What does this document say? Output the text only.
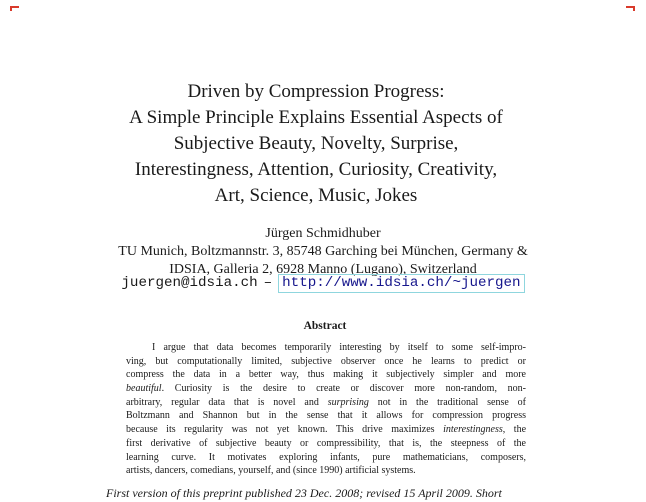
Driven by Compression Progress:
A Simple Principle Explains Essential Aspects of
Subjective Beauty, Novelty, Surprise,
Interestingness, Attention, Curiosity, Creativity,
Art, Science, Music, Jokes
Jürgen Schmidhuber
TU Munich, Boltzmannstr. 3, 85748 Garching bei München, Germany &
IDSIA, Galleria 2, 6928 Manno (Lugano), Switzerland
juergen@idsia.ch – http://www.idsia.ch/~juergen
Abstract
I argue that data becomes temporarily interesting by itself to some self-impro-
ving, but computationally limited, subjective observer once he learns to predict or
compress the data in a better way, thus making it subjectively simpler and more
beautiful. Curiosity is the desire to create or discover more non-random, non-
arbitrary, regular data that is novel and surprising not in the traditional sense of
Boltzmann and Shannon but in the sense that it allows for compression progress
because its regularity was not yet known. This drive maximizes interestingness, the
first derivative of subjective beauty or compressibility, that is, the steepness of the
learning curve. It motivates exploring infants, pure mathematicians, composers,
artists, dancers, comedians, yourself, and (since 1990) artificial systems.
First version of this preprint published 23 Dec. 2008; revised 15 April 2009. Short
